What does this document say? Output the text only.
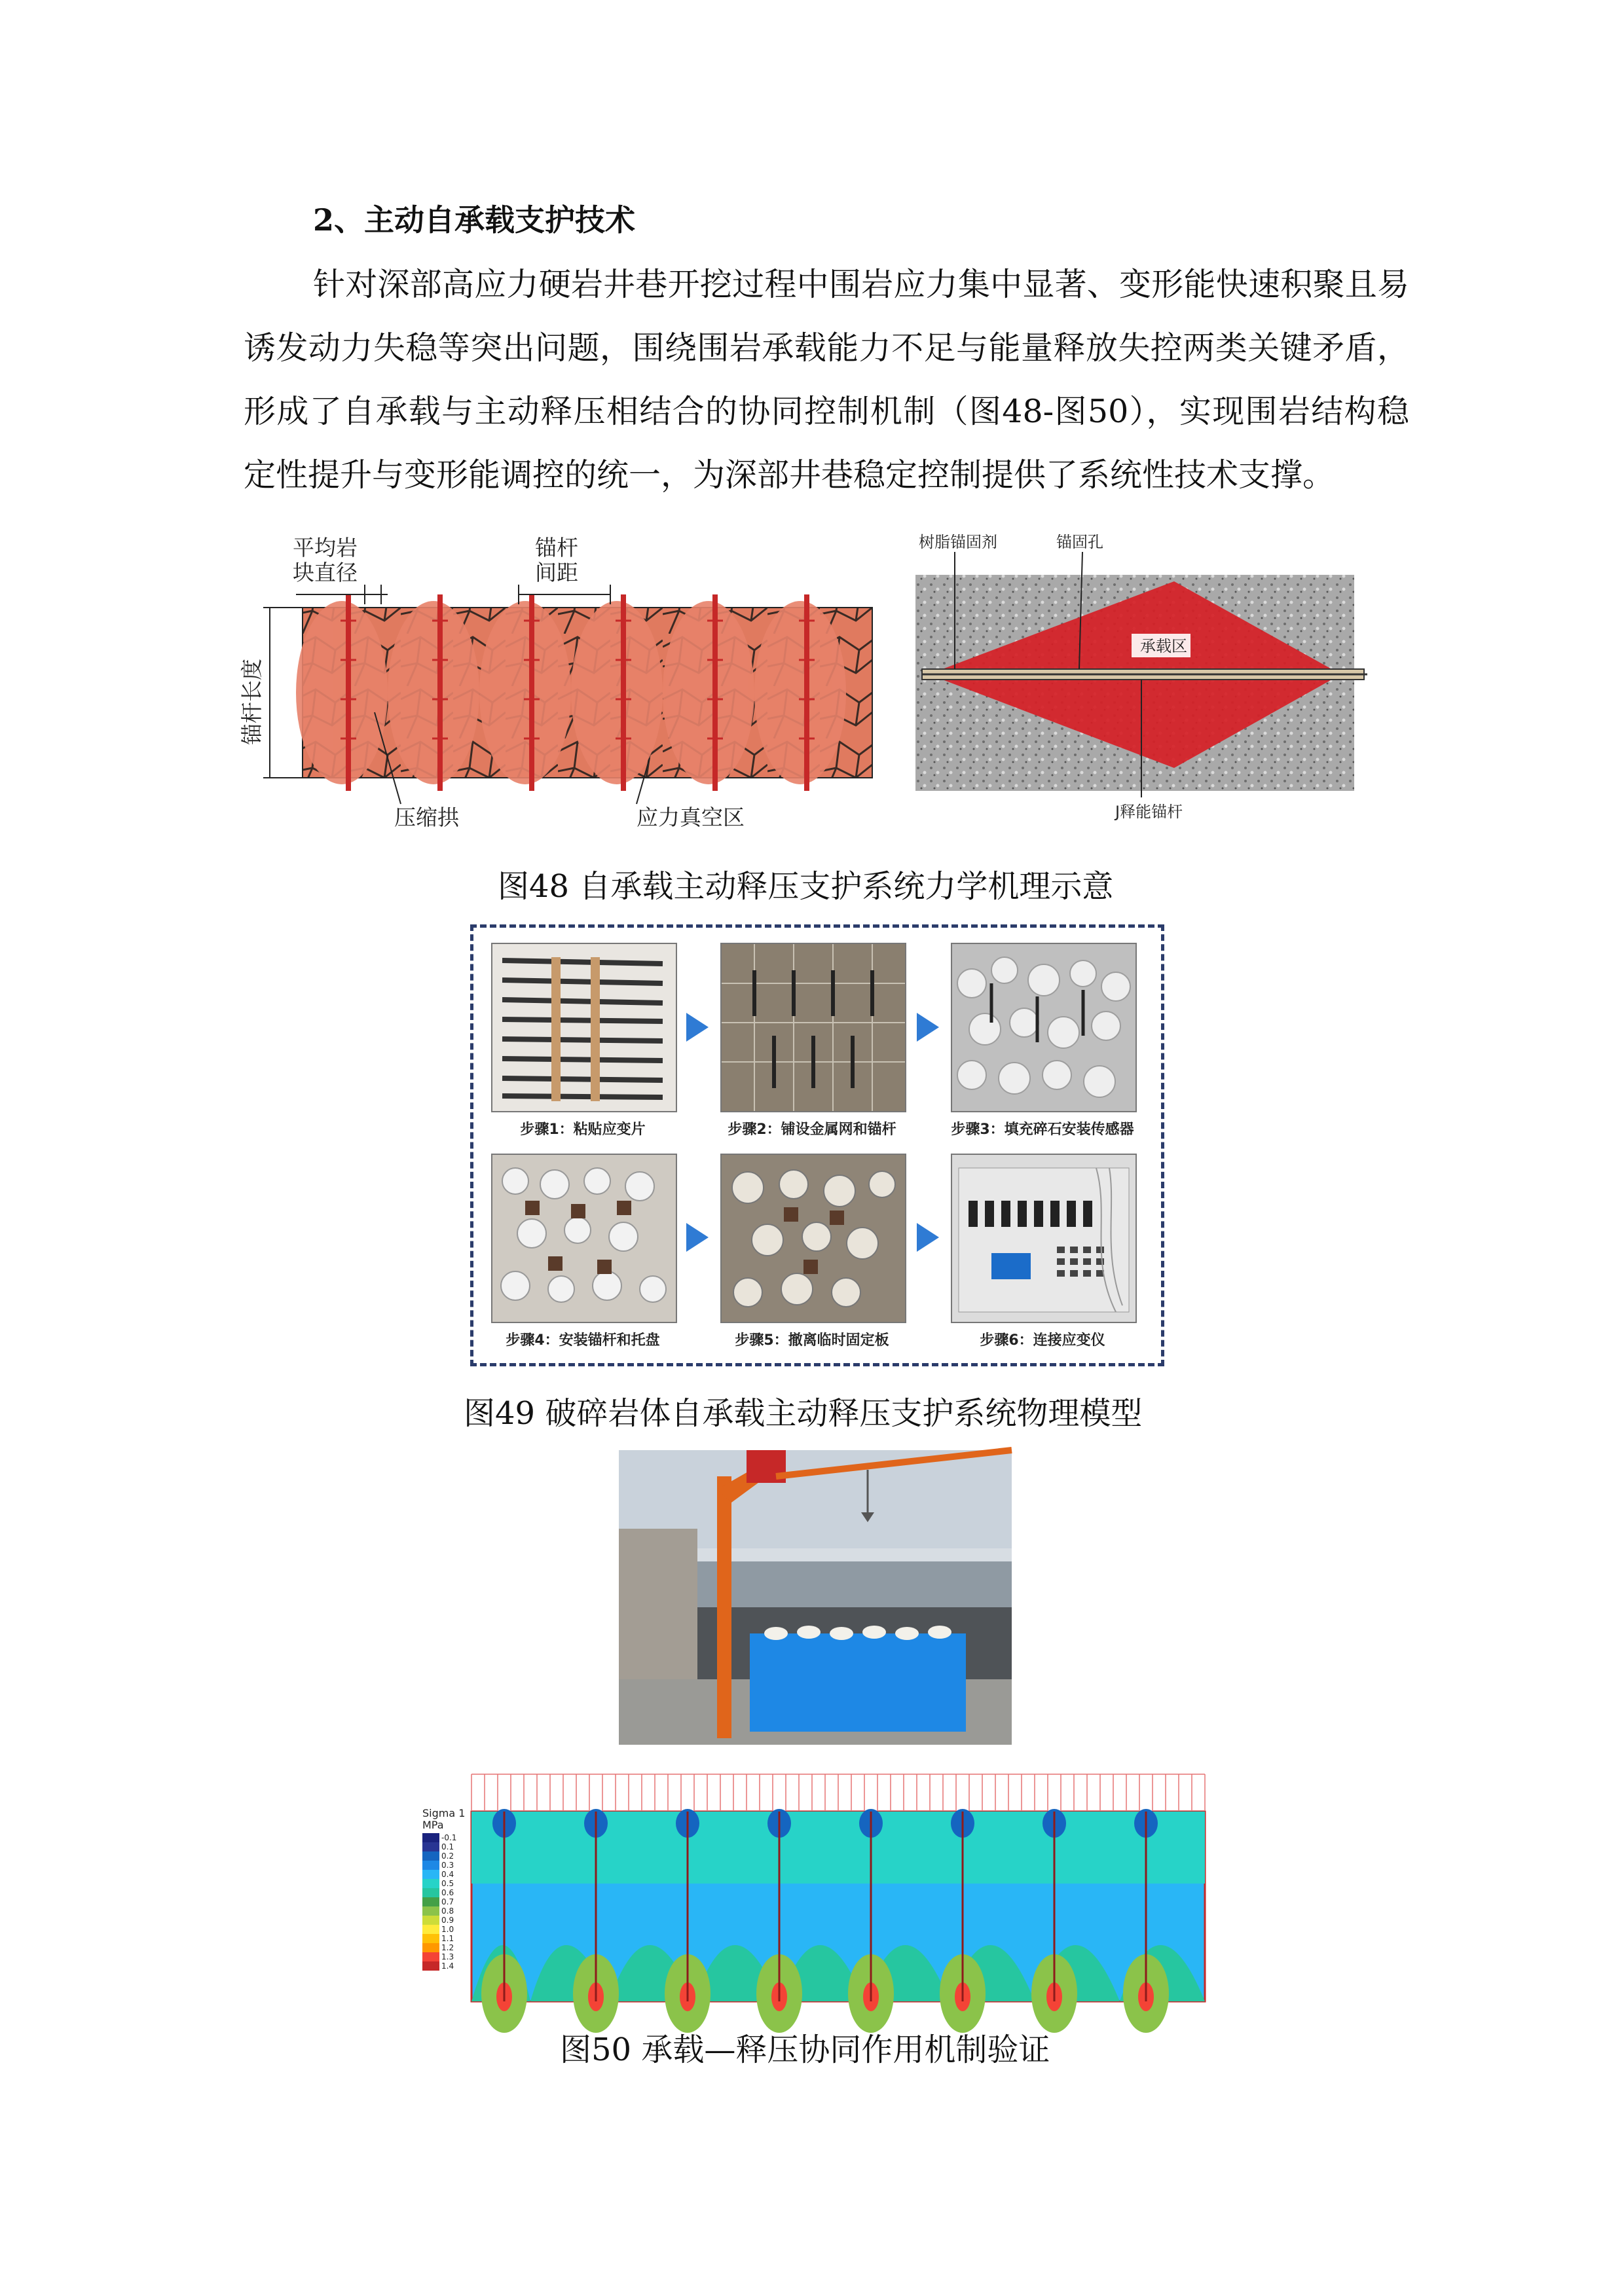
2、主动自承载支护技术
针对深部高应力硬岩井巷开挖过程中围岩应力集中显著、变形能快速积聚且易诱发动力失稳等突出问题，围绕围岩承载能力不足与能量释放失控两类关键矛盾，形成了自承载与主动释压相结合的协同控制机制（图48-图50），实现围岩结构稳定性提升与变形能调控的统一，为深部井巷稳定控制提供了系统性技术支撑。
平均岩
块直径
锚杆
间距
锚杆长度
压缩拱	应力真空区
树脂锚固剂	锚固孔
承载区
J释能锚杆
图48 自承载主动释压支护系统力学机理示意
步骤1：粘贴应变片	步骤2：铺设金属网和锚杆	步骤3：填充碎石安装传感器
步骤4：安装锚杆和托盘	步骤5：撤离临时固定板	步骤6：连接应变仪
图49 破碎岩体自承载主动释压支护系统物理模型
Sigma 1
MPa
-0.1
0.1
0.2
0.3
0.4
0.5
0.6
0.7
0.8
0.9
1.0
1.1
1.2
1.3
1.4
图50 承载—释压协同作用机制验证
